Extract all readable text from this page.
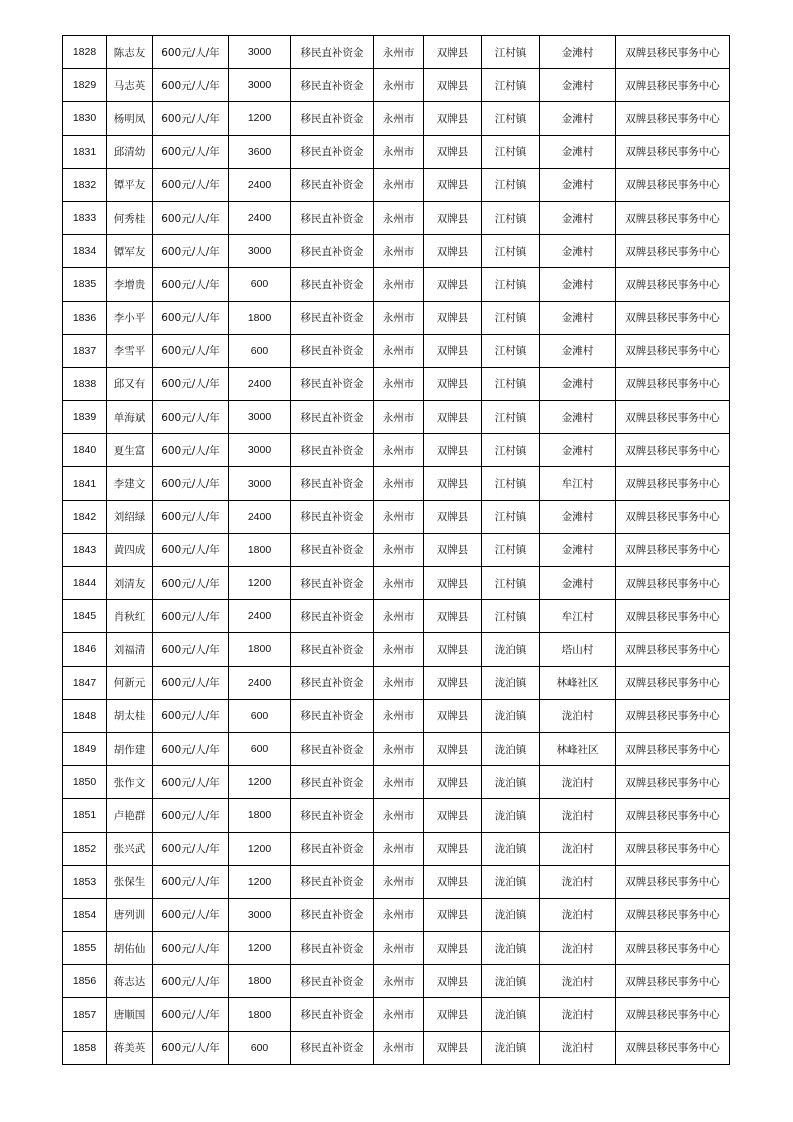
1828	陈志友	600元/人/年	3000	移民直补资金	永州市	双牌县	江村镇	金滩村	双牌县移民事务中心
1829	马志英	600元/人/年	3000	移民直补资金	永州市	双牌县	江村镇	金滩村	双牌县移民事务中心
1830	杨明凤	600元/人/年	1200	移民直补资金	永州市	双牌县	江村镇	金滩村	双牌县移民事务中心
1831	邱清幼	600元/人/年	3600	移民直补资金	永州市	双牌县	江村镇	金滩村	双牌县移民事务中心
1832	镡平友	600元/人/年	2400	移民直补资金	永州市	双牌县	江村镇	金滩村	双牌县移民事务中心
1833	何秀桂	600元/人/年	2400	移民直补资金	永州市	双牌县	江村镇	金滩村	双牌县移民事务中心
1834	镡军友	600元/人/年	3000	移民直补资金	永州市	双牌县	江村镇	金滩村	双牌县移民事务中心
1835	李增贵	600元/人/年	600	移民直补资金	永州市	双牌县	江村镇	金滩村	双牌县移民事务中心
1836	李小平	600元/人/年	1800	移民直补资金	永州市	双牌县	江村镇	金滩村	双牌县移民事务中心
1837	李雪平	600元/人/年	600	移民直补资金	永州市	双牌县	江村镇	金滩村	双牌县移民事务中心
1838	邱又有	600元/人/年	2400	移民直补资金	永州市	双牌县	江村镇	金滩村	双牌县移民事务中心
1839	单海斌	600元/人/年	3000	移民直补资金	永州市	双牌县	江村镇	金滩村	双牌县移民事务中心
1840	夏生富	600元/人/年	3000	移民直补资金	永州市	双牌县	江村镇	金滩村	双牌县移民事务中心
1841	李建文	600元/人/年	3000	移民直补资金	永州市	双牌县	江村镇	牟江村	双牌县移民事务中心
1842	刘绍绿	600元/人/年	2400	移民直补资金	永州市	双牌县	江村镇	金滩村	双牌县移民事务中心
1843	黄四成	600元/人/年	1800	移民直补资金	永州市	双牌县	江村镇	金滩村	双牌县移民事务中心
1844	刘清友	600元/人/年	1200	移民直补资金	永州市	双牌县	江村镇	金滩村	双牌县移民事务中心
1845	肖秋红	600元/人/年	2400	移民直补资金	永州市	双牌县	江村镇	牟江村	双牌县移民事务中心
1846	刘福清	600元/人/年	1800	移民直补资金	永州市	双牌县	泷泊镇	塔山村	双牌县移民事务中心
1847	何新元	600元/人/年	2400	移民直补资金	永州市	双牌县	泷泊镇	林峰社区	双牌县移民事务中心
1848	胡太桂	600元/人/年	600	移民直补资金	永州市	双牌县	泷泊镇	泷泊村	双牌县移民事务中心
1849	胡作建	600元/人/年	600	移民直补资金	永州市	双牌县	泷泊镇	林峰社区	双牌县移民事务中心
1850	张作文	600元/人/年	1200	移民直补资金	永州市	双牌县	泷泊镇	泷泊村	双牌县移民事务中心
1851	卢艳群	600元/人/年	1800	移民直补资金	永州市	双牌县	泷泊镇	泷泊村	双牌县移民事务中心
1852	张兴武	600元/人/年	1200	移民直补资金	永州市	双牌县	泷泊镇	泷泊村	双牌县移民事务中心
1853	张保生	600元/人/年	1200	移民直补资金	永州市	双牌县	泷泊镇	泷泊村	双牌县移民事务中心
1854	唐列训	600元/人/年	3000	移民直补资金	永州市	双牌县	泷泊镇	泷泊村	双牌县移民事务中心
1855	胡佑仙	600元/人/年	1200	移民直补资金	永州市	双牌县	泷泊镇	泷泊村	双牌县移民事务中心
1856	蒋志达	600元/人/年	1800	移民直补资金	永州市	双牌县	泷泊镇	泷泊村	双牌县移民事务中心
1857	唐顺国	600元/人/年	1800	移民直补资金	永州市	双牌县	泷泊镇	泷泊村	双牌县移民事务中心
1858	蒋美英	600元/人/年	600	移民直补资金	永州市	双牌县	泷泊镇	泷泊村	双牌县移民事务中心
